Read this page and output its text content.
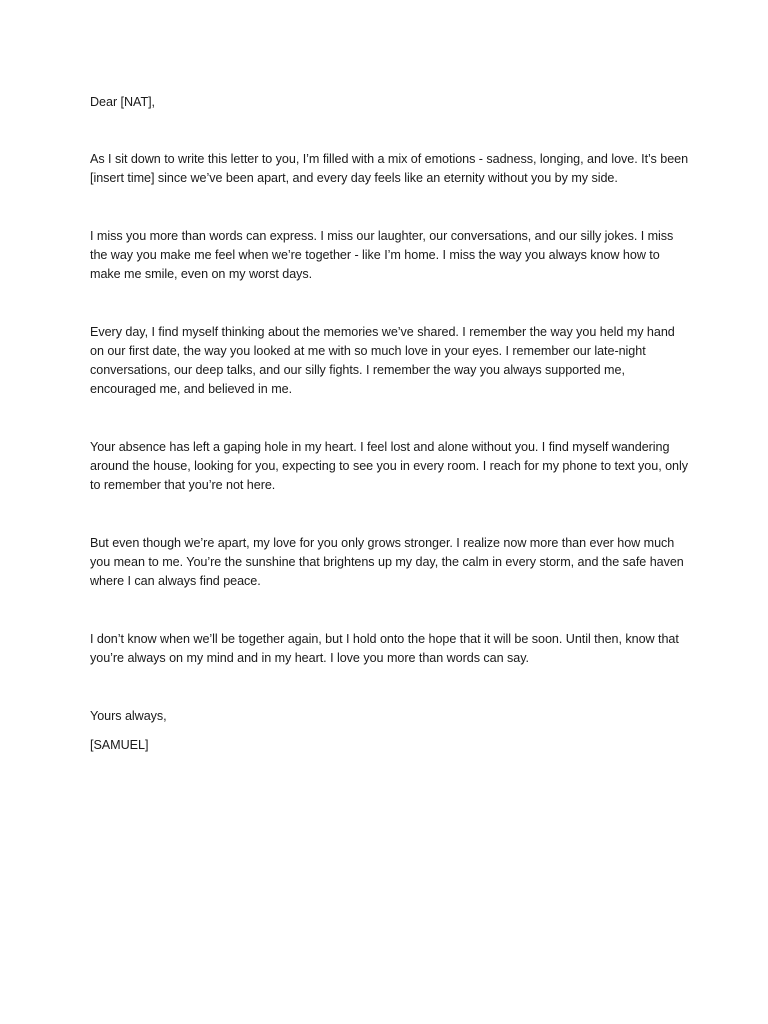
Dear [NAT],

As I sit down to write this letter to you, I’m filled with a mix of emotions - sadness, longing, and love. It’s been [insert time] since we’ve been apart, and every day feels like an eternity without you by my side.

I miss you more than words can express. I miss our laughter, our conversations, and our silly jokes. I miss the way you make me feel when we’re together - like I’m home. I miss the way you always know how to make me smile, even on my worst days.

Every day, I find myself thinking about the memories we’ve shared. I remember the way you held my hand on our first date, the way you looked at me with so much love in your eyes. I remember our late-night conversations, our deep talks, and our silly fights. I remember the way you always supported me, encouraged me, and believed in me.

Your absence has left a gaping hole in my heart. I feel lost and alone without you. I find myself wandering around the house, looking for you, expecting to see you in every room. I reach for my phone to text you, only to remember that you’re not here.

But even though we’re apart, my love for you only grows stronger. I realize now more than ever how much you mean to me. You’re the sunshine that brightens up my day, the calm in every storm, and the safe haven where I can always find peace.

I don’t know when we’ll be together again, but I hold onto the hope that it will be soon. Until then, know that you’re always on my mind and in my heart. I love you more than words can say.

Yours always,

[SAMUEL]
